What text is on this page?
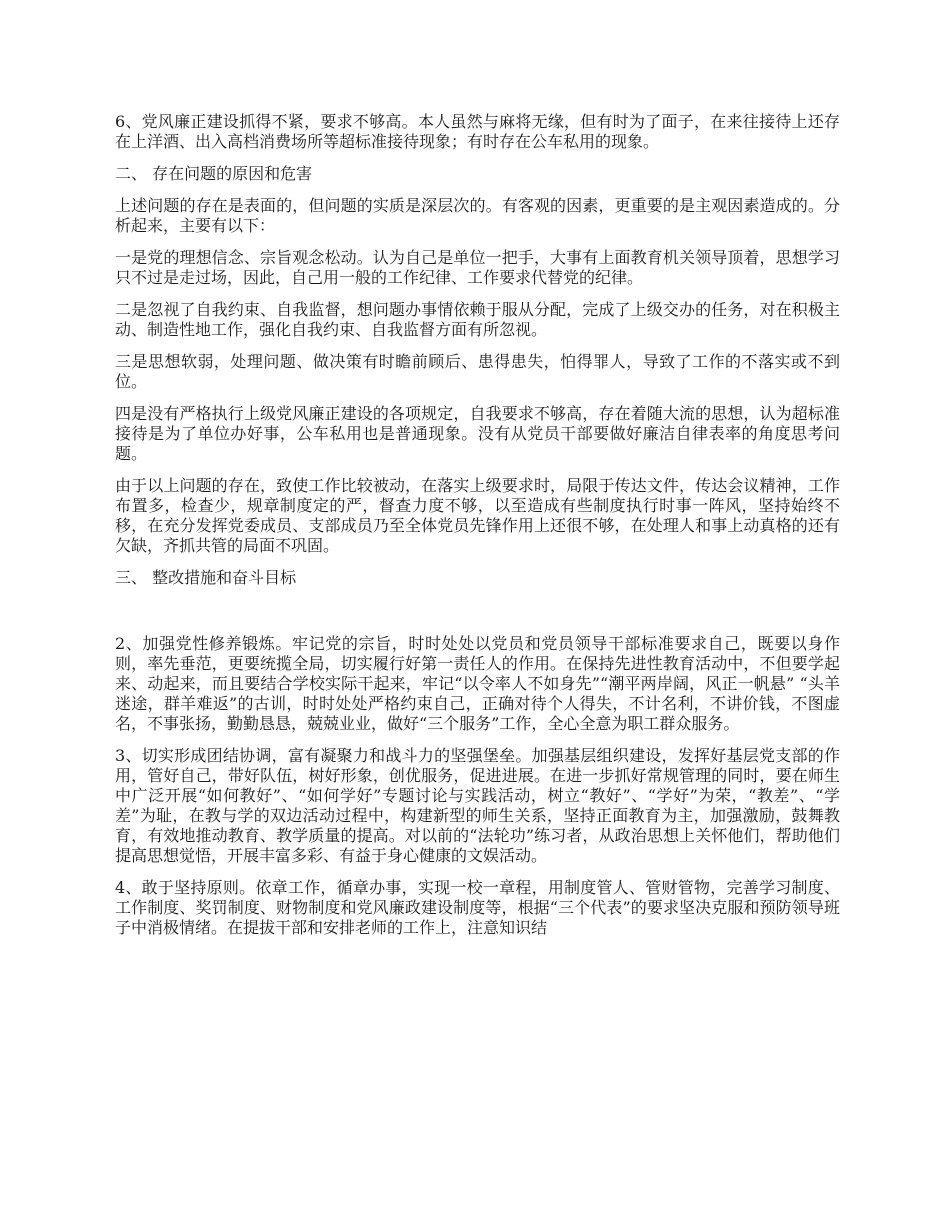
6、党风廉正建设抓得不紧，要求不够高。本人虽然与麻将无缘，但有时为了面子，在来往接待上还存在上洋酒、出入高档消费场所等超标准接待现象；有时存在公车私用的现象。

二、 存在问题的原因和危害

上述问题的存在是表面的，但问题的实质是深层次的。有客观的因素，更重要的是主观因素造成的。分析起来，主要有以下：

一是党的理想信念、宗旨观念松动。认为自己是单位一把手，大事有上面教育机关领导顶着，思想学习只不过是走过场，因此，自己用一般的工作纪律、工作要求代替党的纪律。

二是忽视了自我约束、自我监督，想问题办事情依赖于服从分配，完成了上级交办的任务，对在积极主动、制造性地工作，强化自我约束、自我监督方面有所忽视。

三是思想软弱，处理问题、做决策有时瞻前顾后、患得患失，怕得罪人，导致了工作的不落实或不到位。

四是没有严格执行上级党风廉正建设的各项规定，自我要求不够高，存在着随大流的思想，认为超标准接待是为了单位办好事，公车私用也是普通现象。没有从党员干部要做好廉洁自律表率的角度思考问题。

由于以上问题的存在，致使工作比较被动，在落实上级要求时，局限于传达文件，传达会议精神，工作布置多，检查少，规章制度定的严，督查力度不够，以至造成有些制度执行时事一阵风，坚持始终不移，在充分发挥党委成员、支部成员乃至全体党员先锋作用上还很不够，在处理人和事上动真格的还有欠缺，齐抓共管的局面不巩固。

三、 整改措施和奋斗目标

2、加强党性修养锻炼。牢记党的宗旨，时时处处以党员和党员领导干部标准要求自己，既要以身作则，率先垂范，更要统揽全局，切实履行好第一责任人的作用。在保持先进性教育活动中，不但要学起来、动起来，而且要结合学校实际干起来，牢记“以令率人不如身先”“潮平两岸阔，风正一帆悬” “头羊迷途，群羊难返”的古训，时时处处严格约束自己，正确对待个人得失，不计名利，不讲价钱，不图虚名，不事张扬，勤勤恳恳，兢兢业业，做好“三个服务”工作，全心全意为职工群众服务。

3、切实形成团结协调，富有凝聚力和战斗力的坚强堡垒。加强基层组织建设，发挥好基层党支部的作用，管好自己，带好队伍，树好形象，创优服务，促进进展。在进一步抓好常规管理的同时，要在师生中广泛开展“如何教好”、“如何学好”专题讨论与实践活动，树立“教好”、“学好”为荣，“教差”、“学差”为耻，在教与学的双边活动过程中，构建新型的师生关系，坚持正面教育为主，加强激励，鼓舞教育，有效地推动教育、教学质量的提高。对以前的“法轮功”练习者，从政治思想上关怀他们，帮助他们提高思想觉悟，开展丰富多彩、有益于身心健康的文娱活动。

4、敢于坚持原则。依章工作，循章办事，实现一校一章程，用制度管人、管财管物，完善学习制度、工作制度、奖罚制度、财物制度和党风廉政建设制度等，根据“三个代表”的要求坚决克服和预防领导班子中消极情绪。在提拔干部和安排老师的工作上，注意知识结
